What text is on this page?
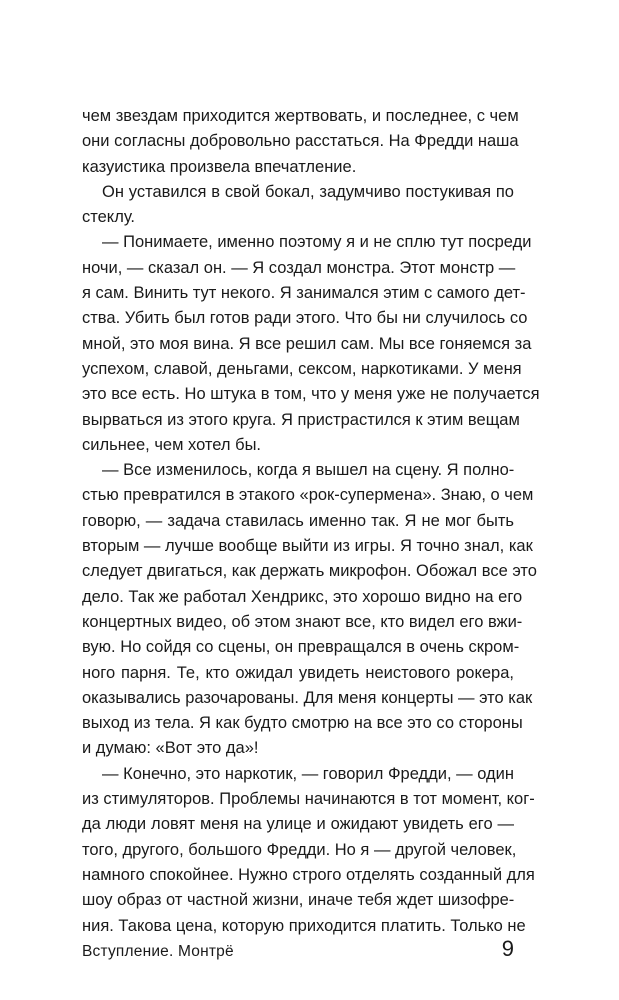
чем звездам приходится жертвовать, и последнее, с чем
они согласны добровольно расстаться. На Фредди наша
казуистика произвела впечатление.
Он уставился в свой бокал, задумчиво постукивая по
стеклу.
— Понимаете, именно поэтому я и не сплю тут посреди
ночи, — сказал он. — Я создал монстра. Этот монстр —
я сам. Винить тут некого. Я занимался этим с самого дет-
ства. Убить был готов ради этого. Что бы ни случилось со
мной, это моя вина. Я все решил сам. Мы все гоняемся за
успехом, славой, деньгами, сексом, наркотиками. У меня
это все есть. Но штука в том, что у меня уже не получается
вырваться из этого круга. Я пристрастился к этим вещам
сильнее, чем хотел бы.
— Все изменилось, когда я вышел на сцену. Я полно-
стью превратился в этакого «рок-супермена». Знаю, о чем
говорю, — задача ставилась именно так. Я не мог быть
вторым — лучше вообще выйти из игры. Я точно знал, как
следует двигаться, как держать микрофон. Обожал все это
дело. Так же работал Хендрикс, это хорошо видно на его
концертных видео, об этом знают все, кто видел его вжи-
вую. Но сойдя со сцены, он превращался в очень скром-
ного парня. Те, кто ожидал увидеть неистового рокера,
оказывались разочарованы. Для меня концерты — это как
выход из тела. Я как будто смотрю на все это со стороны
и думаю: «Вот это да»!
— Конечно, это наркотик, — говорил Фредди, — один
из стимуляторов. Проблемы начинаются в тот момент, ког-
да люди ловят меня на улице и ожидают увидеть его —
того, другого, большого Фредди. Но я — другой человек,
намного спокойнее. Нужно строго отделять созданный для
шоу образ от частной жизни, иначе тебя ждет шизофре-
ния. Такова цена, которую приходится платить. Только не
Вступление. Монтрё	9
